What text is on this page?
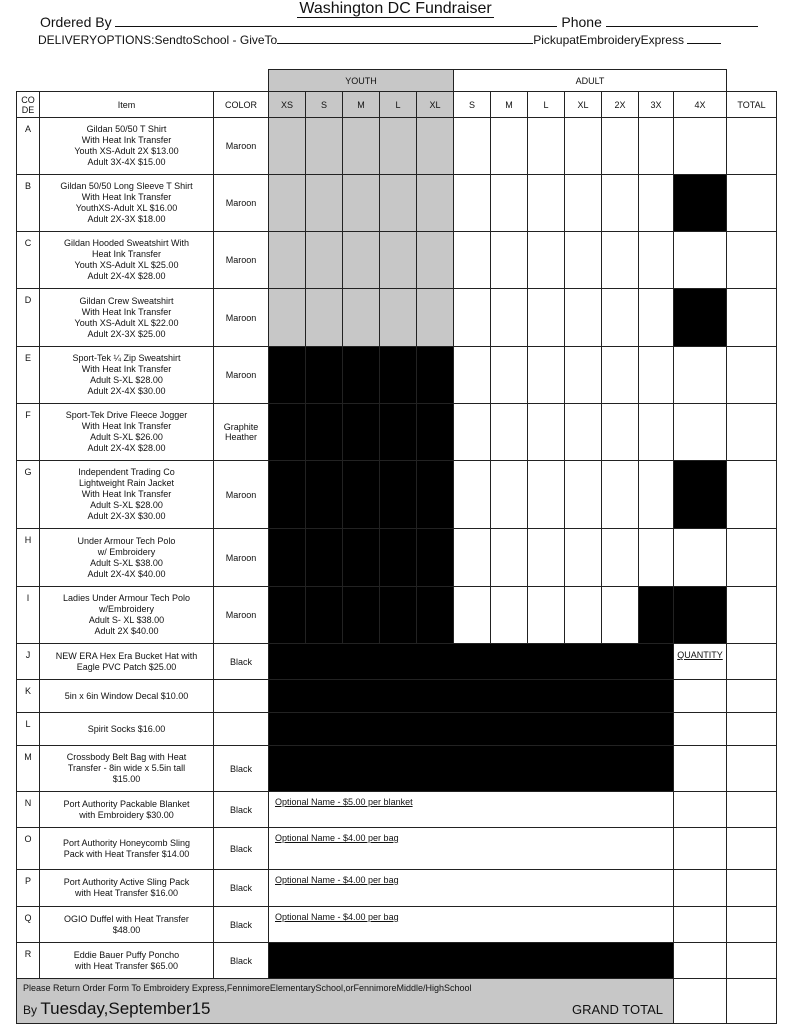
Washington DC Fundraiser
Ordered By	Phone
DELIVERYOPTIONS:SendtoSchool - GiveTo	PickupatEmbroideryExpress
			YOUTH					ADULT							
CO DE	Item	COLOR	XS	S	M	L	XL	S	M	L	XL	2X	3X	4X	TOTAL
A	Gildan 50/50 T Shirt
With Heat Ink Transfer
Youth XS-Adult 2X $13.00
Adult 3X-4X $15.00	Maroon													
B	Gildan 50/50 Long Sleeve T Shirt
With Heat Ink Transfer
YouthXS-Adult XL $16.00
Adult 2X-3X $18.00	Maroon													
C	Gildan Hooded Sweatshirt With
Heat Ink Transfer
Youth XS-Adult XL $25.00
Adult 2X-4X $28.00	Maroon													
D	Gildan Crew Sweatshirt
With Heat Ink Transfer
Youth XS-Adult XL $22.00
Adult 2X-3X $25.00	Maroon													
E	Sport-Tek ¼ Zip Sweatshirt
With Heat Ink Transfer
Adult S-XL $28.00
Adult 2X-4X $30.00	Maroon													
F	Sport-Tek Drive Fleece Jogger
With Heat Ink Transfer
Adult S-XL $26.00
Adult 2X-4X $28.00	Graphite
Heather													
G	Independent Trading Co
Lightweight Rain Jacket
With Heat Ink Transfer
Adult S-XL $28.00
Adult 2X-3X $30.00	Maroon													
H	Under Armour Tech Polo
w/ Embroidery
Adult S-XL $38.00
Adult 2X-4X $40.00	Maroon													
I	Ladies Under Armour Tech Polo
w/Embroidery
Adult S- XL $38.00
Adult 2X $40.00	Maroon													
J	NEW ERA Hex Era Bucket Hat with
Eagle PVC Patch $25.00	Black												QUANTITY	
K	5in x 6in Window Decal $10.00														
L	Spirit Socks $16.00														
M	Crossbody Belt Bag with Heat
Transfer - 8in wide x 5.5in tall
$15.00	Black													
N	Port Authority Packable Blanket
with Embroidery $30.00	Black	Optional Name - $5.00 per blanket												
O	Port Authority Honeycomb Sling
Pack with Heat Transfer $14.00	Black	Optional Name - $4.00 per bag												
P	Port Authority Active Sling Pack
with Heat Transfer $16.00	Black	Optional Name - $4.00 per bag												
Q	OGIO Duffel with Heat Transfer
$48.00	Black	Optional Name - $4.00 per bag												
R	Eddie Bauer Puffy Poncho
with Heat Transfer $65.00	Black													

Please Return Order Form To Embroidery Express,FennimoreElementarySchool,orFennimoreMiddle/HighSchool
By Tuesday,September15 GRAND TOTAL															
